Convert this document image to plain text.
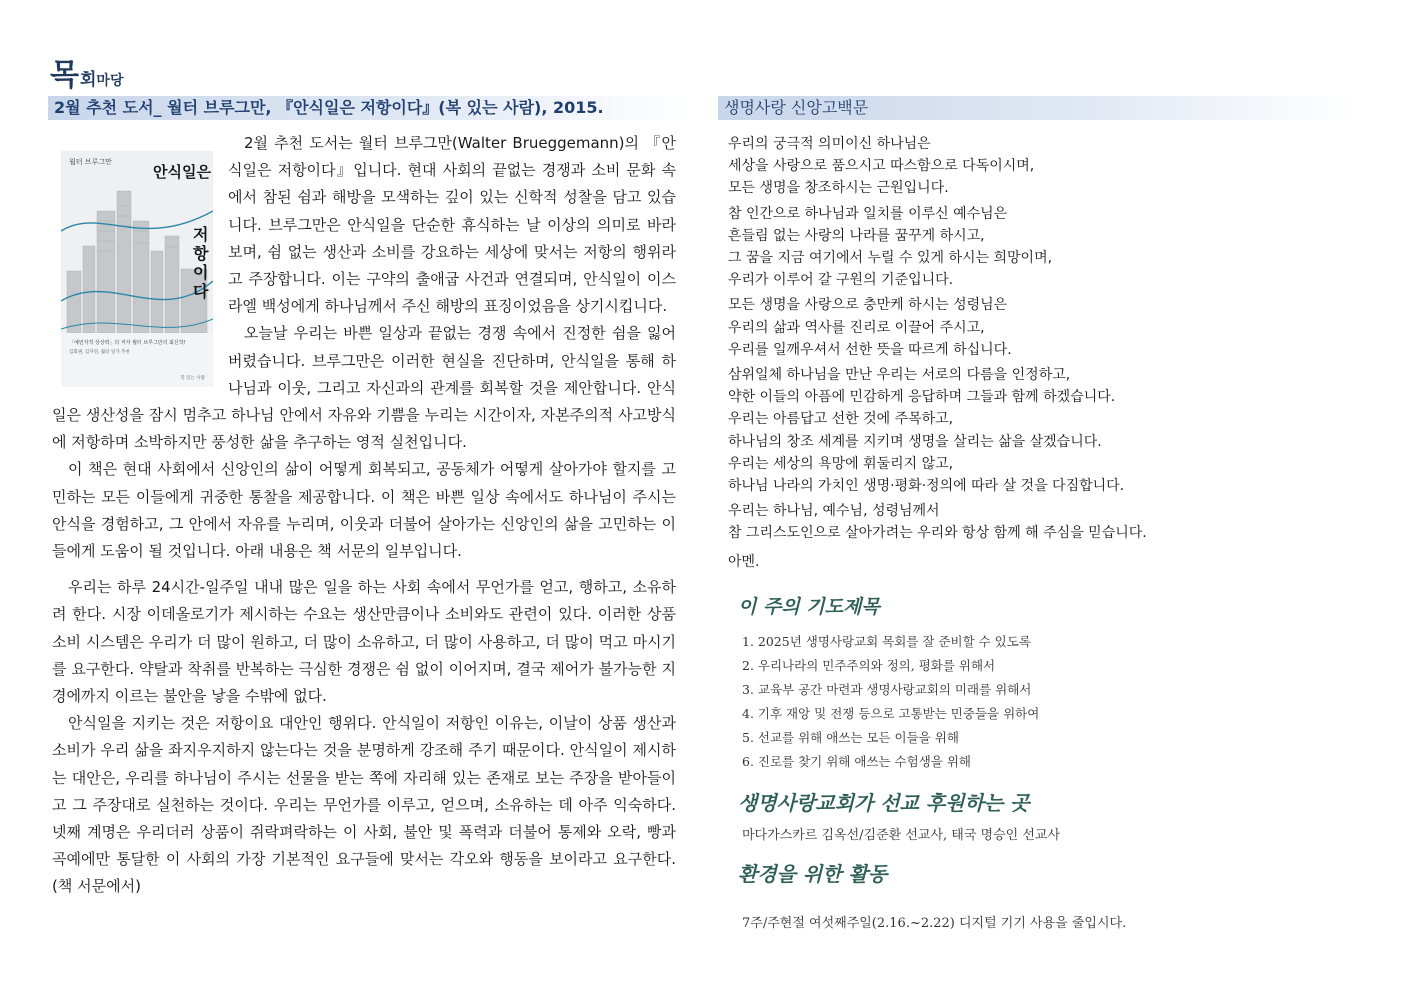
목회마당
2월 추천 도서_ 월터 브루그만, 『안식일은 저항이다』(복 있는 사람), 2015.	생명사랑 신앙고백문
월터 브루그만
안식일은
저항이다
「예언자적 상상력」의 저자 월터 브루그만의 최신작!
김회권, 김자연, 월터 일가 추천
복 있는 사람

2월 추천 도서는 월터 브루그만(Walter Brueggemann)의 『안식일은 저항이다』입니다. 현대 사회의 끝없는 경쟁과 소비 문화 속에서 참된 쉼과 해방을 모색하는 깊이 있는 신학적 성찰을 담고 있습니다. 브루그만은 안식일을 단순한 휴식하는 날 이상의 의미로 바라보며, 쉼 없는 생산과 소비를 강요하는 세상에 맞서는 저항의 행위라고 주장합니다. 이는 구약의 출애굽 사건과 연결되며, 안식일이 이스라엘 백성에게 하나님께서 주신 해방의 표징이었음을 상기시킵니다.

오늘날 우리는 바쁜 일상과 끝없는 경쟁 속에서 진정한 쉼을 잃어버렸습니다. 브루그만은 이러한 현실을 진단하며, 안식일을 통해 하나님과 이웃, 그리고 자신과의 관계를 회복할 것을 제안합니다. 안식일은 생산성을 잠시 멈추고 하나님 안에서 자유와 기쁨을 누리는 시간이자, 자본주의적 사고방식에 저항하며 소박하지만 풍성한 삶을 추구하는 영적 실천입니다.

이 책은 현대 사회에서 신앙인의 삶이 어떻게 회복되고, 공동체가 어떻게 살아가야 할지를 고민하는 모든 이들에게 귀중한 통찰을 제공합니다. 이 책은 바쁜 일상 속에서도 하나님이 주시는 안식을 경험하고, 그 안에서 자유를 누리며, 이웃과 더불어 살아가는 신앙인의 삶을 고민하는 이들에게 도움이 될 것입니다. 아래 내용은 책 서문의 일부입니다.

우리는 하루 24시간-일주일 내내 많은 일을 하는 사회 속에서 무언가를 얻고, 행하고, 소유하려 한다. 시장 이데올로기가 제시하는 수요는 생산만큼이나 소비와도 관련이 있다. 이러한 상품 소비 시스템은 우리가 더 많이 원하고, 더 많이 소유하고, 더 많이 사용하고, 더 많이 먹고 마시기를 요구한다. 약탈과 착취를 반복하는 극심한 경쟁은 쉼 없이 이어지며, 결국 제어가 불가능한 지경에까지 이르는 불안을 낳을 수밖에 없다.

안식일을 지키는 것은 저항이요 대안인 행위다. 안식일이 저항인 이유는, 이날이 상품 생산과 소비가 우리 삶을 좌지우지하지 않는다는 것을 분명하게 강조해 주기 때문이다. 안식일이 제시하는 대안은, 우리를 하나님이 주시는 선물을 받는 쪽에 자리해 있는 존재로 보는 주장을 받아들이고 그 주장대로 실천하는 것이다. 우리는 무언가를 이루고, 얻으며, 소유하는 데 아주 익숙하다. 넷째 계명은 우리더러 상품이 쥐락펴락하는 이 사회, 불안 및 폭력과 더불어 통제와 오락, 빵과 곡예에만 통달한 이 사회의 가장 기본적인 요구들에 맞서는 각오와 행동을 보이라고 요구한다.(책 서문에서)

우리의 궁극적 의미이신 하나님은
세상을 사랑으로 품으시고 따스함으로 다독이시며,
모든 생명을 창조하시는 근원입니다.
참 인간으로 하나님과 일치를 이루신 예수님은
흔들림 없는 사랑의 나라를 꿈꾸게 하시고,
그 꿈을 지금 여기에서 누릴 수 있게 하시는 희망이며,
우리가 이루어 갈 구원의 기준입니다.
모든 생명을 사랑으로 충만케 하시는 성령님은
우리의 삶과 역사를 진리로 이끌어 주시고,
우리를 일깨우셔서 선한 뜻을 따르게 하십니다.
삼위일체 하나님을 만난 우리는 서로의 다름을 인정하고,
약한 이들의 아픔에 민감하게 응답하며 그들과 함께 하겠습니다.
우리는 아름답고 선한 것에 주목하고,
하나님의 창조 세계를 지키며 생명을 살리는 삶을 살겠습니다.
우리는 세상의 욕망에 휘둘리지 않고,
하나님 나라의 가치인 생명·평화·정의에 따라 살 것을 다짐합니다.
우리는 하나님, 예수님, 성령님께서
참 그리스도인으로 살아가려는 우리와 항상 함께 해 주심을 믿습니다.
아멘.
이 주의 기도제목
1. 2025년 생명사랑교회 목회를 잘 준비할 수 있도록
2. 우리나라의 민주주의와 정의, 평화를 위해서
3. 교육부 공간 마련과 생명사랑교회의 미래를 위해서
4. 기후 재앙 및 전쟁 등으로 고통받는 민중들을 위하여
5. 선교를 위해 애쓰는 모든 이들을 위해
6. 진로를 찾기 위해 애쓰는 수험생을 위해
생명사랑교회가 선교 후원하는 곳
마다가스카르 김옥선/김준환 선교사, 태국 명승인 선교사
환경을 위한 활동
7주/주현절 여섯째주일(2.16.~2.22) 디지털 기기 사용을 줄입시다.
